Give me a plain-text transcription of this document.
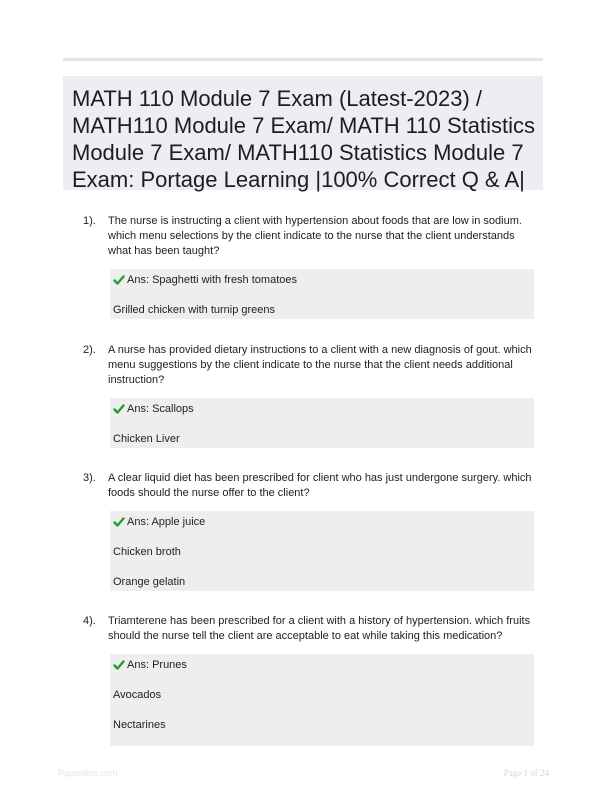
MATH 110 Module 7 Exam (Latest-2023) / MATH110 Module 7 Exam/ MATH 110 Statistics Module 7 Exam/ MATH110 Statistics Module 7 Exam: Portage Learning |100% Correct Q & A|
1). The nurse is instructing a client with hypertension about foods that are low in sodium. which menu selections by the client indicate to the nurse that the client understands what has been taught?
Ans: Spaghetti with fresh tomatoes
Grilled chicken with turnip greens
2). A nurse has provided dietary instructions to a client with a new diagnosis of gout. which menu suggestions by the client indicate to the nurse that the client needs additional instruction?
Ans: Scallops
Chicken Liver
3). A clear liquid diet has been prescribed for client who has just undergone surgery. which foods should the nurse offer to the client?
Ans: Apple juice
Chicken broth
Orange gelatin
4). Triamterene has been prescribed for a client with a history of hypertension. which fruits should the nurse tell the client are acceptable to eat while taking this medication?
Ans: Prunes
Avocados
Nectarines
Paperlibie.com	Page 1 of 24
